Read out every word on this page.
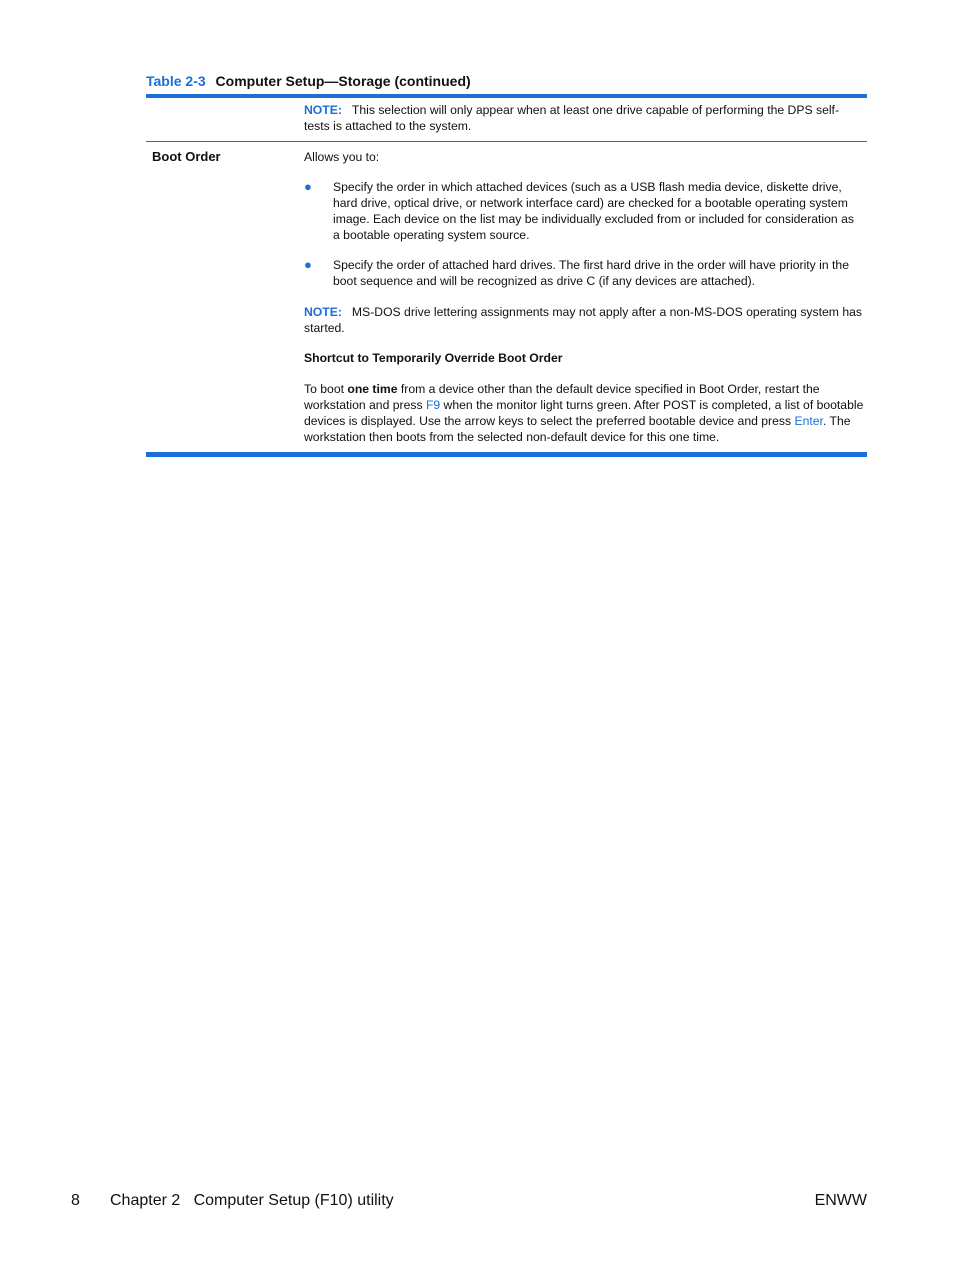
Table 2-3 Computer Setup—Storage (continued)
NOTE: This selection will only appear when at least one drive capable of performing the DPS self-tests is attached to the system.
Boot Order	Allows you to:
● Specify the order in which attached devices (such as a USB flash media device, diskette drive, hard drive, optical drive, or network interface card) are checked for a bootable operating system image. Each device on the list may be individually excluded from or included for consideration as a bootable operating system source.
● Specify the order of attached hard drives. The first hard drive in the order will have priority in the boot sequence and will be recognized as drive C (if any devices are attached).
NOTE: MS-DOS drive lettering assignments may not apply after a non-MS-DOS operating system has started.
Shortcut to Temporarily Override Boot Order
To boot one time from a device other than the default device specified in Boot Order, restart the workstation and press F9 when the monitor light turns green. After POST is completed, a list of bootable devices is displayed. Use the arrow keys to select the preferred bootable device and press Enter. The workstation then boots from the selected non-default device for this one time.
8 Chapter 2   Computer Setup (F10) utility	ENWW
